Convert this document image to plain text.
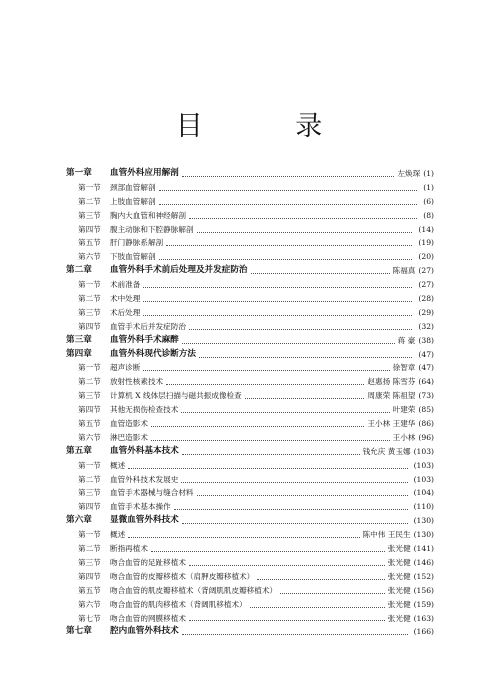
目 录
第一章	血管外科应用解剖	左焕琛 (1)
第一节	颈部血管解剖	(1)
第二节	上肢血管解剖	(6)
第三节	胸内大血管和神经解剖	(8)
第四节	腹主动脉和下腔静脉解剖	(14)
第五节	肝门静脉系解剖	(19)
第六节	下肢血管解剖	(20)
第二章	血管外科手术前后处理及并发症防治	陈福真 (27)
第一节	术前准备	(27)
第二节	术中处理	(28)
第三节	术后处理	(29)
第四节	血管手术后并发症防治	(32)
第三章	血管外科手术麻醉	蒋 豪 (38)
第四章	血管外科现代诊断方法	(47)
第一节	超声诊断	徐智章 (47)
第二节	放射性核素技术	赵惠扬 陈雪芬 (64)
第三节	计算机 X 线体层扫描与磁共振成像检查	周康荣 陈祖望 (73)
第四节	其他无损伤检查技术	叶建荣 (85)
第五节	血管造影术	王小林 王建华 (86)
第六节	淋巴造影术	王小林 (96)
第五章	血管外科基本技术	钱允庆 黄玉娜 (103)
第一节	概述	(103)
第二节	血管外科技术发展史	(103)
第三节	血管手术器械与缝合材料	(104)
第四节	血管手术基本操作	(110)
第六章	显微血管外科技术	(130)
第一节	概述	陈中伟 王民生 (130)
第二节	断指再植术	张光健 (141)
第三节	吻合血管的足趾移植术	张光健 (146)
第四节	吻合血管的皮瓣移植术（肩胛皮瓣移植术）	张光健 (152)
第五节	吻合血管的肌皮瓣移植术（背阔肌肌皮瓣移植术）	张光健 (156)
第六节	吻合血管的肌肉移植术（背阔肌移植术）	张光健 (159)
第七节	吻合血管的网膜移植术	张光健 (163)
第七章	腔内血管外科技术	(166)
